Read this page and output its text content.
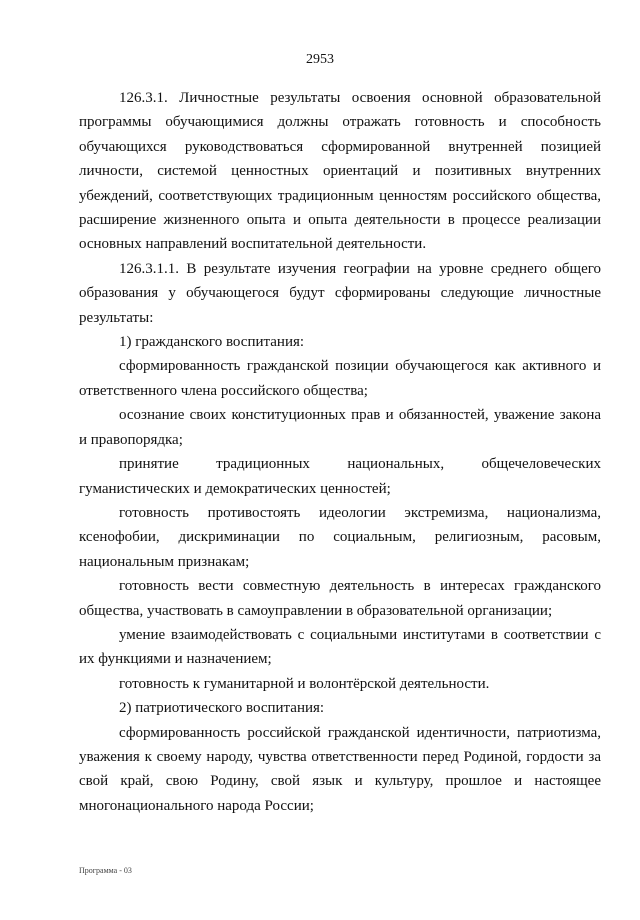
2953

126.3.1. Личностные результаты освоения основной образовательной программы обучающимися должны отражать готовность и способность обучающихся руководствоваться сформированной внутренней позицией личности, системой ценностных ориентаций и позитивных внутренних убеждений, соответствующих традиционным ценностям российского общества, расширение жизненного опыта и опыта деятельности в процессе реализации основных направлений воспитательной деятельности.

126.3.1.1. В результате изучения географии на уровне среднего общего образования у обучающегося будут сформированы следующие личностные результаты:

1) гражданского воспитания:

сформированность гражданской позиции обучающегося как активного и ответственного члена российского общества;

осознание своих конституционных прав и обязанностей, уважение закона и правопорядка;

принятие традиционных национальных, общечеловеческих гуманистических и демократических ценностей;

готовность противостоять идеологии экстремизма, национализма, ксенофобии, дискриминации по социальным, религиозным, расовым, национальным признакам;

готовность вести совместную деятельность в интересах гражданского общества, участвовать в самоуправлении в образовательной организации;

умение взаимодействовать с социальными институтами в соответствии с их функциями и назначением;

готовность к гуманитарной и волонтёрской деятельности.

2) патриотического воспитания:

сформированность российской гражданской идентичности, патриотизма, уважения к своему народу, чувства ответственности перед Родиной, гордости за свой край, свою Родину, свой язык и культуру, прошлое и настоящее многонационального народа России;

Программа - 03
